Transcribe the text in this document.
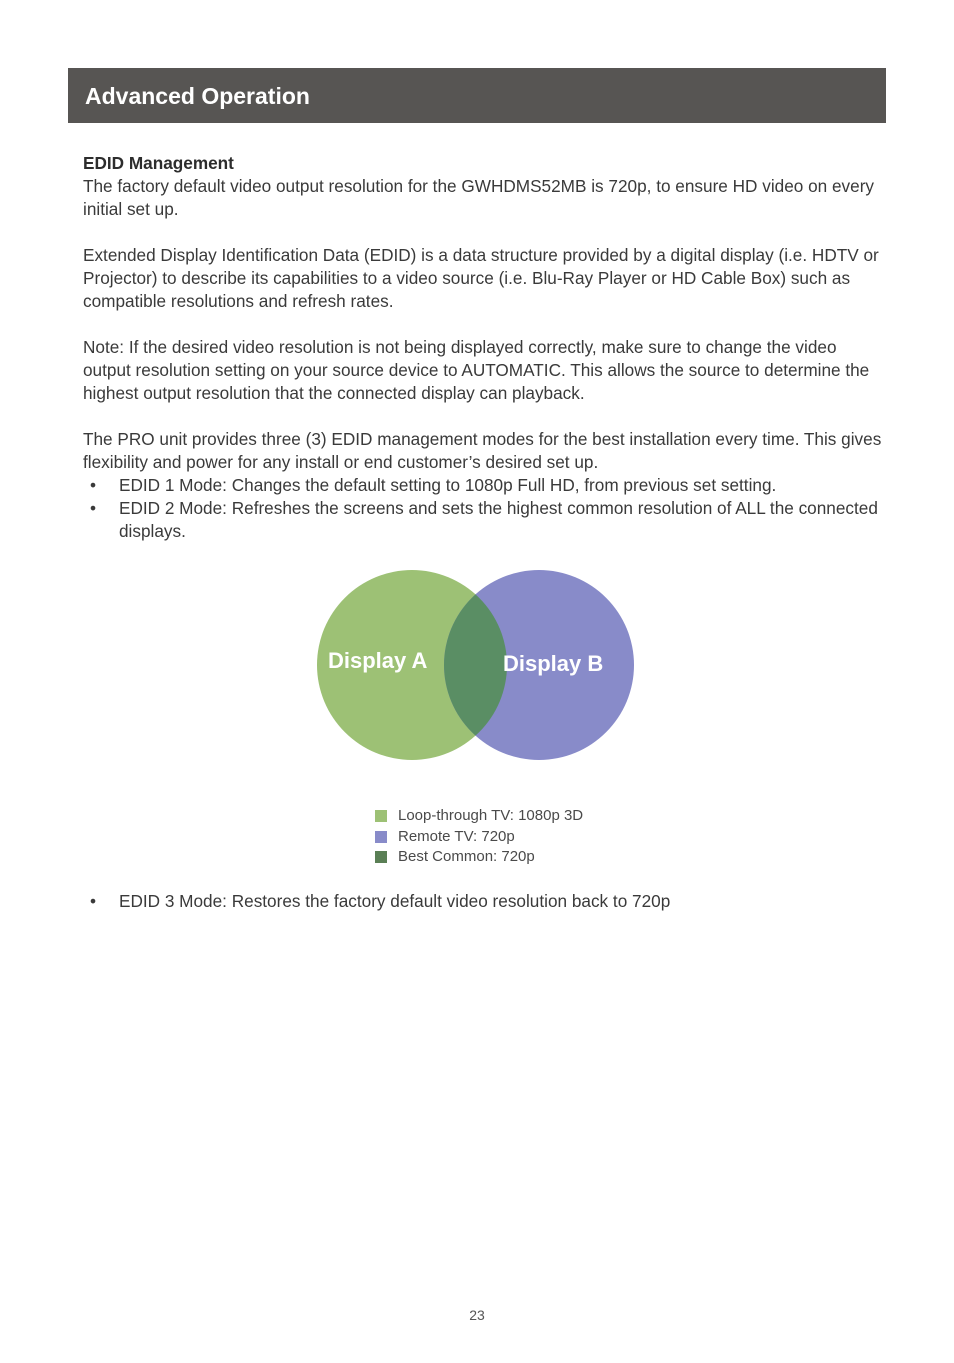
Advanced Operation

EDID Management

The factory default video output resolution for the GWHDMS52MB is 720p, to ensure HD video on every initial set up.

Extended Display Identification Data (EDID) is a data structure provided by a digital display (i.e. HDTV or Projector) to describe its capabilities to a video source (i.e. Blu-Ray Player or HD Cable Box) such as compatible resolutions and refresh rates.

Note: If the desired video resolution is not being displayed correctly, make sure to change the video output resolution setting on your source device to AUTOMATIC. This allows the source to determine the highest output resolution that the connected display can playback.

The PRO unit provides three (3) EDID management modes for the best installation every time. This gives flexibility and power for any install or end customer’s desired set up.

• EDID 1 Mode: Changes the default setting to 1080p Full HD, from previous set setting.
• EDID 2 Mode: Refreshes the screens and sets the highest common resolution of ALL the connected displays.
Display A	Display B
Loop-through TV: 1080p 3D
Remote TV: 720p
Best Common: 720p
• EDID 3 Mode: Restores the factory default video resolution back to 720p
23
